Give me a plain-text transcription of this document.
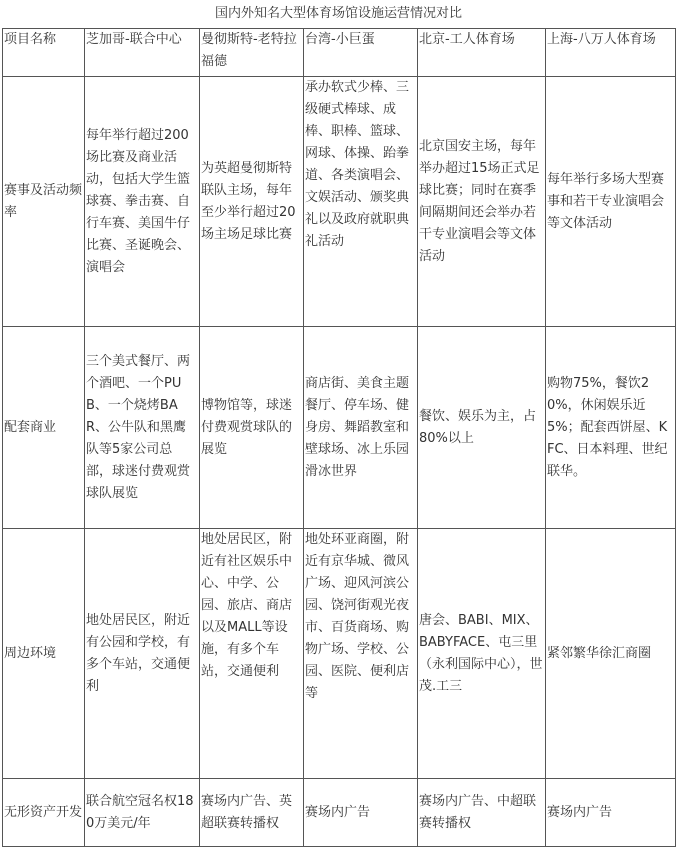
国内外知名大型体育场馆设施运营情况对比
项目名称	芝加哥-联合中心	曼彻斯特-老特拉福德	台湾-小巨蛋	北京-工人体育场	上海-八万人体育场
赛事及活动频率	每年举行超过200场比赛及商业活动，包括大学生篮球赛、拳击赛、自行车赛、美国牛仔比赛、圣诞晚会、演唱会	为英超曼彻斯特联队主场，每年至少举行超过20场主场足球比赛	承办软式少棒、三级硬式棒球、成棒、职棒、篮球、网球、体操、跆拳道、各类演唱会、文娱活动、颁奖典礼以及政府就职典礼活动	北京国安主场，每年举办超过15场正式足球比赛；同时在赛季间隔期间还会举办若干专业演唱会等文体活动	每年举行多场大型赛事和若干专业演唱会等文体活动
配套商业	三个美式餐厅、两个酒吧、一个PUB、一个烧烤BAR、公牛队和黑鹰队等5家公司总部，球迷付费观赏球队展览	博物馆等，球迷付费观赏球队的展览	商店街、美食主题餐厅、停车场、健身房、舞蹈教室和壁球场、冰上乐园滑冰世界	餐饮、娱乐为主，占80%以上	购物75%，餐饮20%，休闲娱乐近5%；配套西饼屋、KFC、日本料理、世纪联华。
周边环境	地处居民区，附近有公园和学校，有多个车站，交通便利	地处居民区，附近有社区娱乐中心、中学、公园、旅店、商店以及MALL等设施，有多个车站，交通便利	地处环亚商圈，附近有京华城、微风广场、迎风河滨公园、饶河街观光夜市、百货商场、购物广场、学校、公园、医院、便利店等	唐会、BABI、MIX、BABYFACE、屯三里（永利国际中心），世茂.工三	紧邻繁华徐汇商圈
无形资产开发	联合航空冠名权180万美元/年	赛场内广告、英超联赛转播权	赛场内广告	赛场内广告、中超联赛转播权	赛场内广告
